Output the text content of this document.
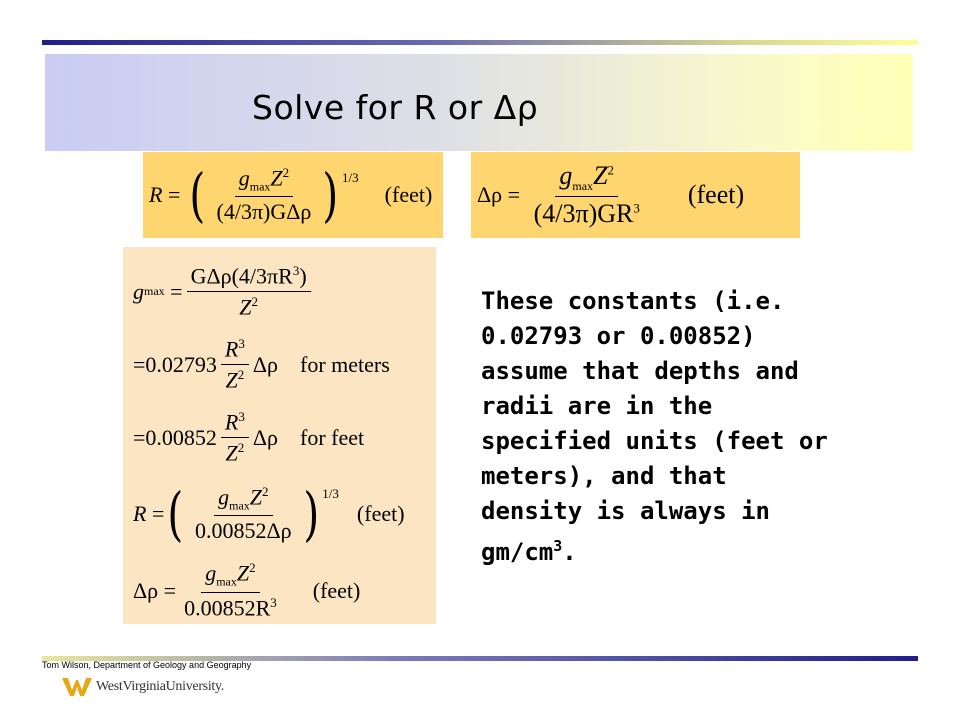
Solve for R or Δρ
R = ( $\frac{g_{max}Z^2}{\text{(4/3π)GΔρ}}$ ) $^{1/3}$
(feet) $\Delta\rho = \frac{g_{max}Z^2}{(4/3\pi)GR^3}$ (feet)
g $\max = \frac{G\Delta\rho(4/3\pi R^3)}{Z^2}$
$=0.02793 \frac{R^3}{Z^2}$ Δρ for meters
$=0.00852 \frac{R^3}{Z^2}$ Δρ for feet
R = ( $\frac{g_{max}Z^2}{0.00852\Delta\rho}$ ) $^{1/3}$
(feet)
$\Delta\rho = \frac{g_{max}Z^2}{0.00852R^3}$ (feet)
These constants (i.e. 0.02793 or 0.00852) assume that depths and radii are in the specified units (feet or meters), and that density is always in $gm/cm^3$.
Tom Wilson, Department of Geology and Geography
WestVirginiaUniversity.
